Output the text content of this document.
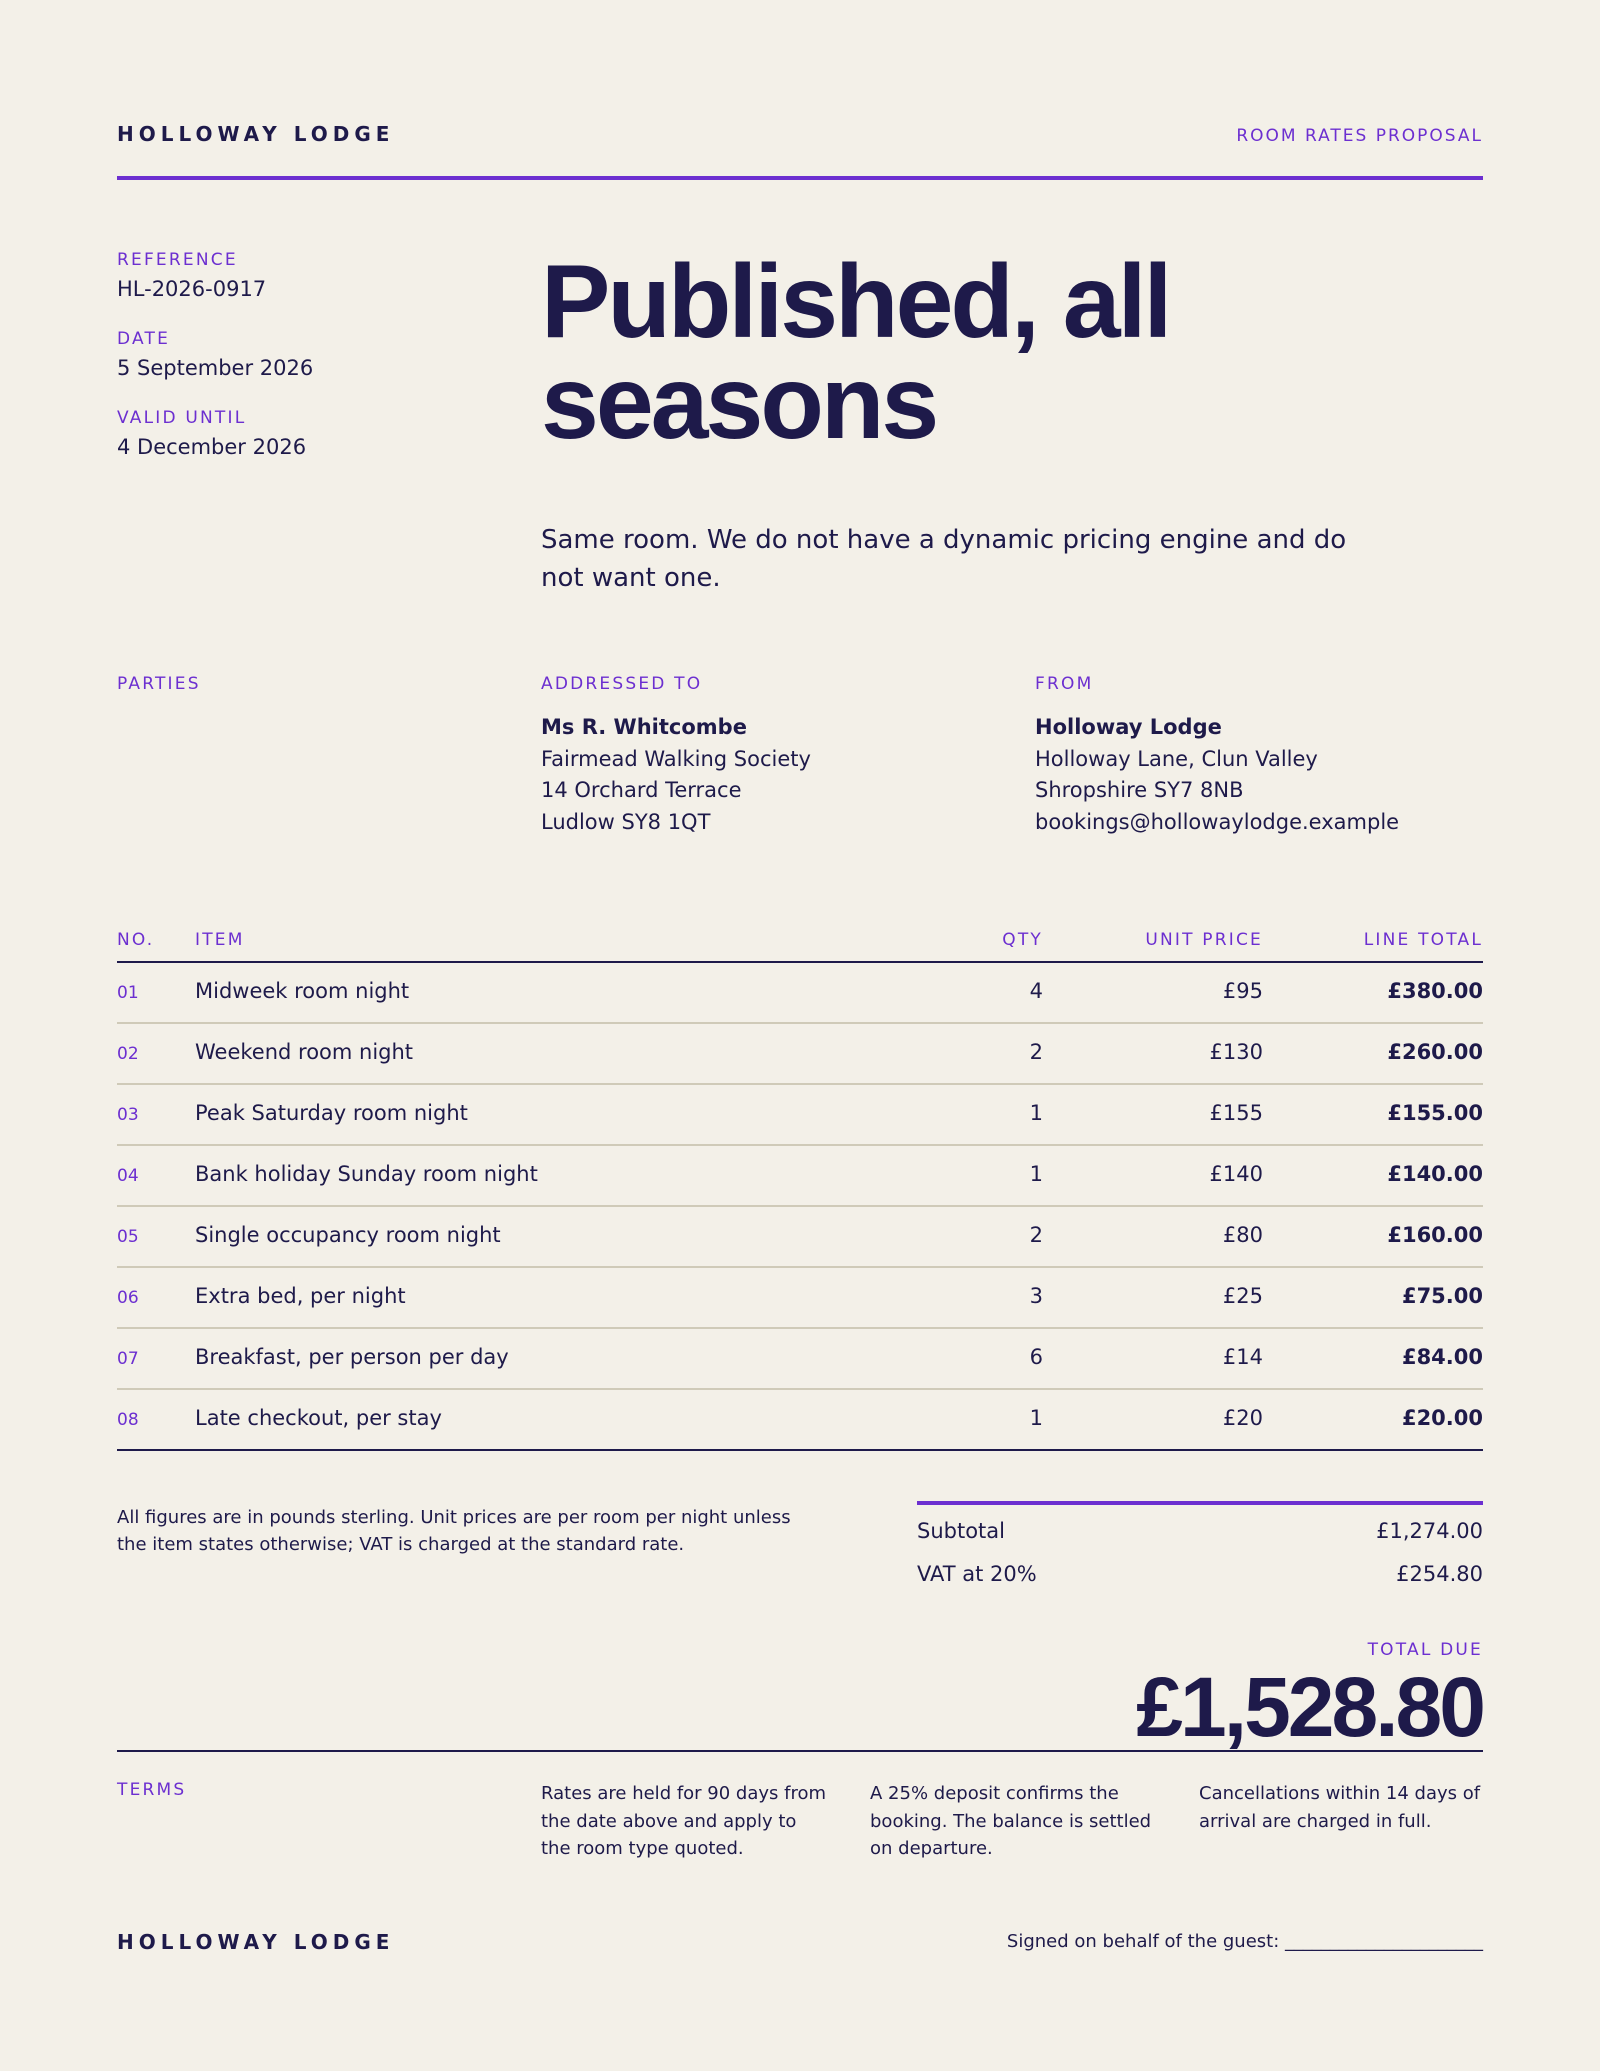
HOLLOWAY LODGE	ROOM RATES PROPOSAL
REFERENCE
HL-2026-0917
DATE
5 September 2026
VALID UNTIL
4 December 2026
Published, all seasons

Same room. We do not have a dynamic pricing engine and do not want one.

PARTIES	ADDRESSED TO
Ms R. Whitcombe
Fairmead Walking Society
14 Orchard Terrace
Ludlow SY8 1QT
FROM
Holloway Lodge
Holloway Lane, Clun Valley
Shropshire SY7 8NB
bookings@hollowaylodge.example
NO. ITEM	QTY	UNIT PRICE	LINE TOTAL
01	Midweek room night	4	£95	£380.00
02	Weekend room night	2	£130	£260.00
03	Peak Saturday room night	1	£155	£155.00
04	Bank holiday Sunday room night	1	£140	£140.00
05	Single occupancy room night	2	£80	£160.00
06	Extra bed, per night	3	£25	£75.00
07	Breakfast, per person per day	6	£14	£84.00
08	Late checkout, per stay	1	£20	£20.00

All figures are in pounds sterling. Unit prices are per room per night unless the item states otherwise; VAT is charged at the standard rate.

Subtotal	£1,274.00
VAT at 20%	£254.80
TOTAL DUE
£1,528.80
TERMS	Rates are held for 90 days from the date above and apply to the room type quoted.

A 25% deposit confirms the booking. The balance is settled on departure.

Cancellations within 14 days of arrival are charged in full.

HOLLOWAY LODGE	Signed on behalf of the guest: ______________________
